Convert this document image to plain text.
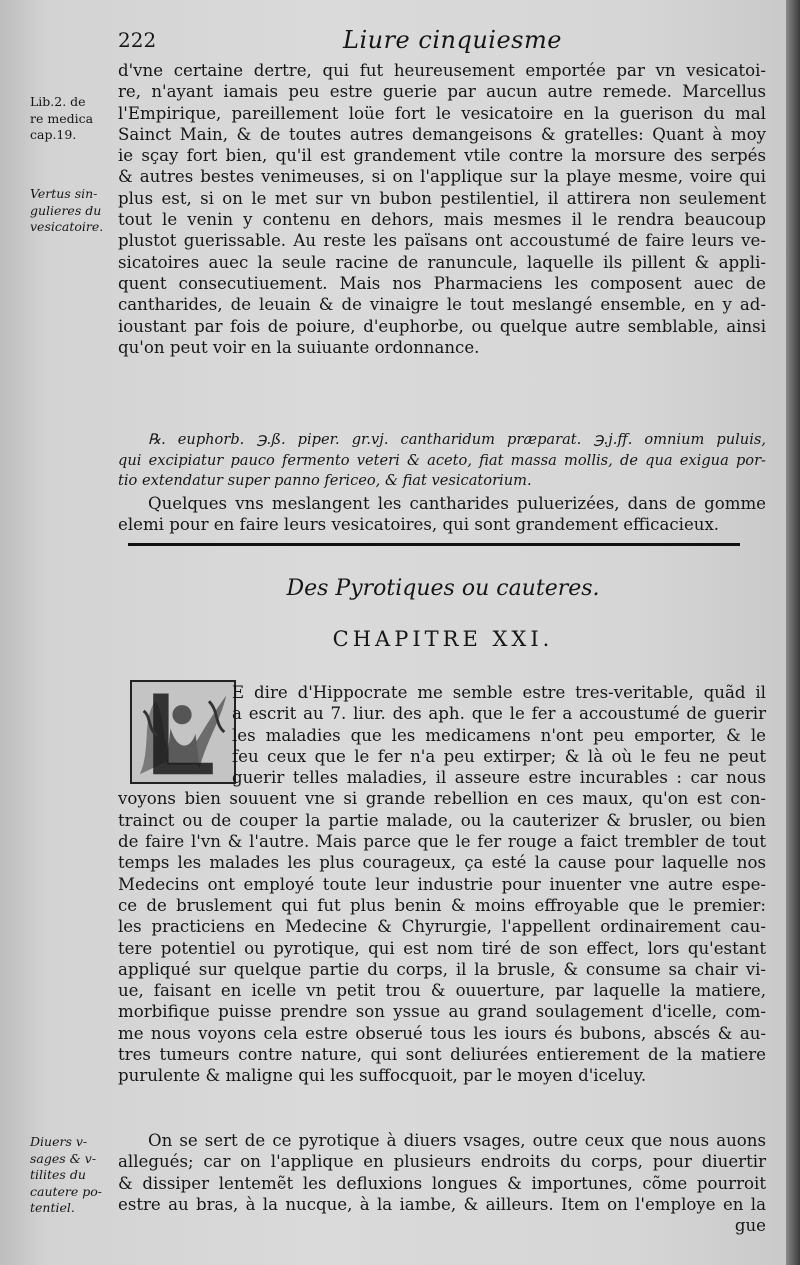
222	Liure cinquiesme
Lib.2. de
re medica
cap.19.
Vertus sin-
gulieres du
vesicatoire.
Diuers v-
sages & v-
tilites du
cautere po-
tentiel.
d'vne certaine dertre, qui fut heureusement emportée par vn vesicatoi-
re, n'ayant iamais peu estre guerie par aucun autre remede. Marcellus
l'Empirique, pareillement loüe fort le vesicatoire en la guerison du mal
Sainct Main, & de toutes autres demangeisons & gratelles: Quant à moy
ie sçay fort bien, qu'il est grandement vtile contre la morsure des serpés
& autres bestes venimeuses, si on l'applique sur la playe mesme, voire qui
plus est, si on le met sur vn bubon pestilentiel, il attirera non seulement
tout le venin y contenu en dehors, mais mesmes il le rendra beaucoup
plustot guerissable. Au reste les païsans ont accoustumé de faire leurs ve-
sicatoires auec la seule racine de ranuncule, laquelle ils pillent & appli-
quent consecutiuement. Mais nos Pharmaciens les composent auec de
cantharides, de leuain & de vinaigre le tout meslangé ensemble, en y ad-
ioustant par fois de poiure, d'euphorbe, ou quelque autre semblable, ainsi
qu'on peut voir en la suiuante ordonnance.
℞. euphorb. ℈.ß. piper. gr.vj. cantharidum præparat. ℈.j.ff. omnium puluis,
qui excipiatur pauco fermento veteri & aceto, fiat massa mollis, de qua exigua por-
tio extendatur super panno fericeo, & fiat vesicatorium.
Quelques vns meslangent les cantharides puluerizées, dans de gomme
elemi pour en faire leurs vesicatoires, qui sont grandement efficacieux.
Des Pyrotiques ou cauteres.
CHAPITRE XXI.
E dire d'Hippocrate me semble estre tres-veritable, quãd il
a escrit au 7. liur. des aph. que le fer a accoustumé de guerir
les maladies que les medicamens n'ont peu emporter, & le
feu ceux que le fer n'a peu extirper; & là où le feu ne peut
guerir telles maladies, il asseure estre incurables : car nous
voyons bien souuent vne si grande rebellion en ces maux, qu'on est con-
trainct ou de couper la partie malade, ou la cauterizer & brusler, ou bien
de faire l'vn & l'autre. Mais parce que le fer rouge a faict trembler de tout
temps les malades les plus courageux, ça esté la cause pour laquelle nos
Medecins ont employé toute leur industrie pour inuenter vne autre espe-
ce de bruslement qui fut plus benin & moins effroyable que le premier:
les practiciens en Medecine & Chyrurgie, l'appellent ordinairement cau-
tere potentiel ou pyrotique, qui est nom tiré de son effect, lors qu'estant
appliqué sur quelque partie du corps, il la brusle, & consume sa chair vi-
ue, faisant en icelle vn petit trou & ouuerture, par laquelle la matiere,
morbifique puisse prendre son yssue au grand soulagement d'icelle, com-
me nous voyons cela estre obserué tous les iours és bubons, abscés & au-
tres tumeurs contre nature, qui sont deliurées entierement de la matiere
purulente & maligne qui les suffocquoit, par le moyen d'iceluy.
On se sert de ce pyrotique à diuers vsages, outre ceux que nous auons
allegués; car on l'applique en plusieurs endroits du corps, pour diuertir
& dissiper lentemẽt les defluxions longues & importunes, cõme pourroit
estre au bras, à la nucque, à la iambe, & ailleurs. Item on l'employe en la
gue
